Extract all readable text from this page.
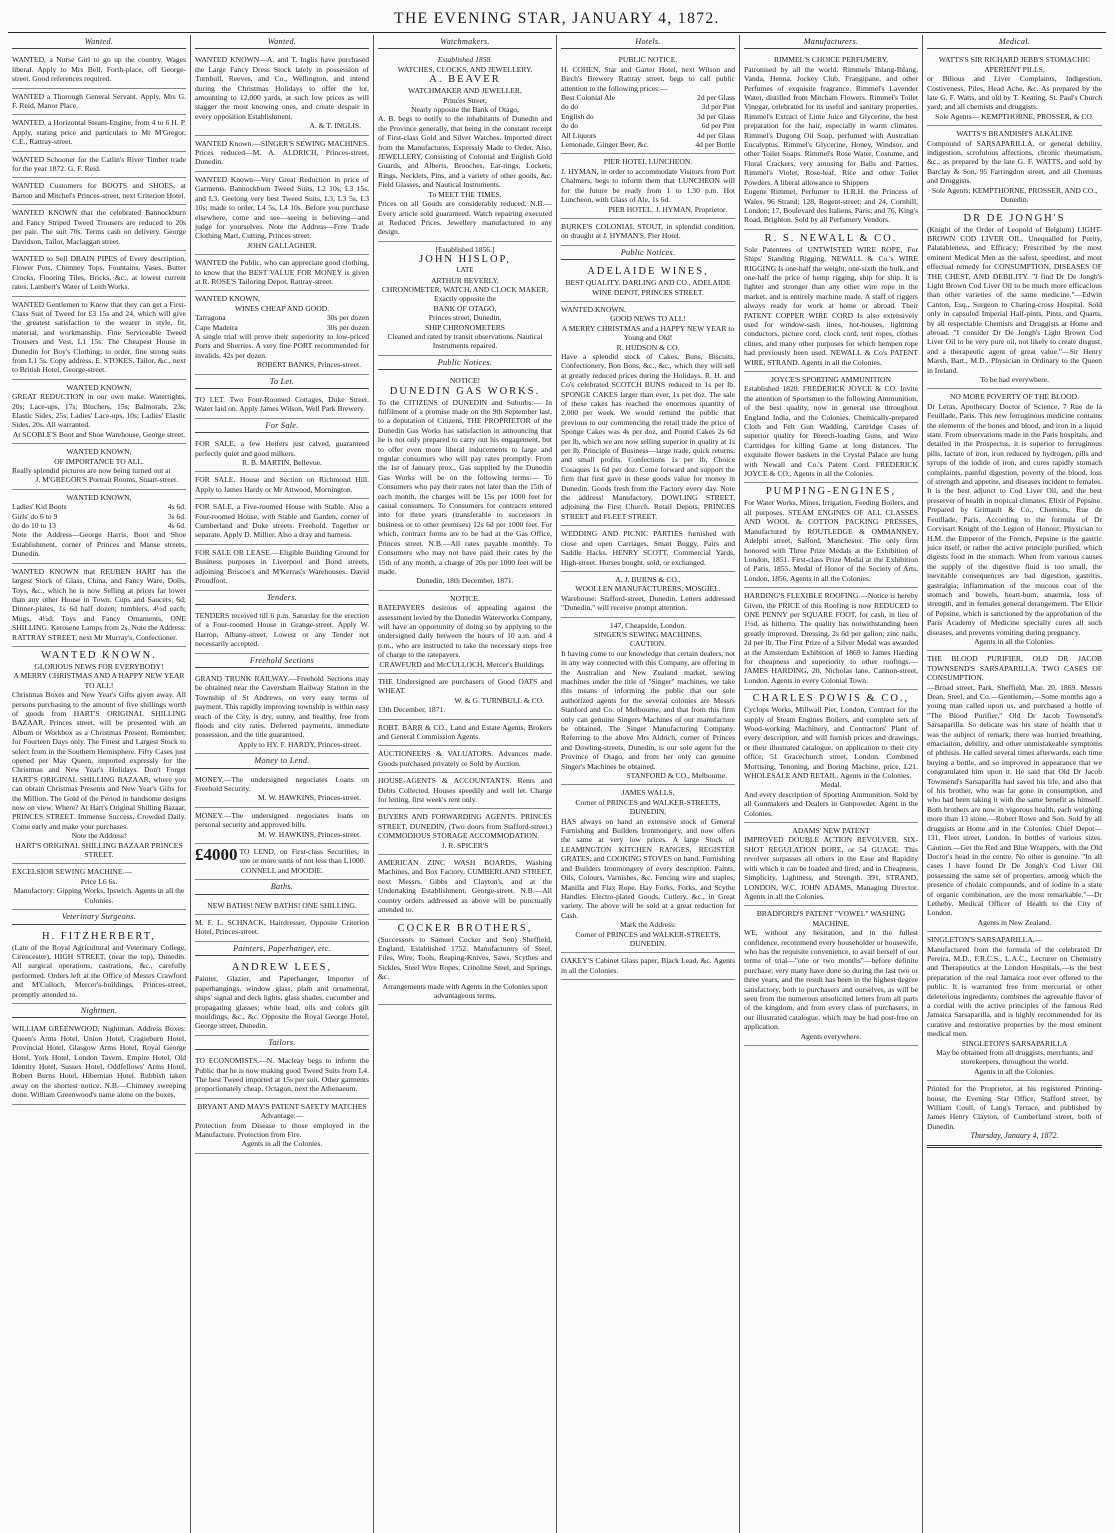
THE EVENING STAR, JANUARY 4, 1872.
Wanted.

WANTED, a Nurse Girl to go up the country. Wages liberal. Apply to Mrs Bell, Forth-place, off George-street. Good references required.

WANTED a Thorough General Servant. Apply, Mrs G. F. Reid, Manor Place.

WANTED, a Horizontal Steam-Engine, from 4 to 6 H. P. Apply, stating price and particulars to Mr M'Gregor, C.E., Rattray-street.

WANTED Schooner for the Catlin's River Timber trade for the year 1872. G. F. Reid.

WANTED Customers for BOOTS and SHOES, at Barton and Mitchel's Princes-street, next Criterion Hotel.

WANTED KNOWN that the celebrated Bannockburn and Fancy Striped Tweed Trousers are reduced to 20s per pair. The suit 70s. Terms cash on delivery. George Davidson, Tailor, Maclaggan street.

WANTED to Sell DRAIN PIPES of Every description, Flower Pots, Chimney Tops, Fountains, Vases, Butter Crocks, Flooring Tiles, Bricks, &c., at lowest current rates. Lambert's Water of Leith Works.

WANTED Gentlemen to Know that they can get a First-Class Suit of Tweed for £3 15s and 24, which will give the greatest satisfaction to the wearer in style, fit, material, and workmanship. Fine Serviceable Tweed Trousers and Vest, L1 15s. The Cheapest House in Dunedin for Boy's Clothing; to order, fine strong suits from L1 5s. Copy address, E. STOKES, Tailor, &c., next to British Hotel, George-street.

WANTED KNOWN,

GREAT REDUCTION in our own make. Watertights, 20s; Lace-ups, 17s; Bluchers, 15s; Balmorals, 23s; Elastic Sides, 25s; Ladies' Lace-ups, 10s; Ladies' Elastic Sides, 20s. All warranted.

At SCOBLE'S Boot and Shoe Warehouse, George street.

WANTED KNOWN,

OF IMPORTANCE TO ALL.

Really splendid pictures are now being turned out at

J. M'GREGOR'S Portrait Rooms, Stuart-street.

WANTED KNOWN,

Ladies' Kid Boots	4s 6d.
Girls' do 6 to 9	3s 6d.
do do 10 to 13	4s 6d.

Note the Address—George Harris, Boot and Shoe Establishment, corner of Princes and Manse streets, Dunedin.

WANTED KNOWN that REUBEN HART has the largest Stock of Glass, China, and Fancy Ware, Dolls, Toys, &c., which he is now Selling at prices far lower than any other House in Town. Cups and Saucers, 6d; Dinner-plates, 1s 6d half dozen; tumblers, 4½d each; Mugs, 4½d; Toys and Fancy Ornaments, ONE SHILLING. Kerosene Lamps from 2s. Note the Address: RATTRAY STREET, next Mr Murray's, Confectioner.

WANTED KNOWN.

GLORIOUS NEWS FOR EVERYBODY!

A MERRY CHRISTMAS AND A HAPPY NEW YEAR TO ALL!

Christmas Boxes and New Year's Gifts given away. All persons purchasing to the amount of five shillings worth of goods from HART'S ORIGINAL SHILLING BAZAAR, Princes street, will be presented with an Album or Workbox as a Christmas Present. Remember, for Fourteen Days only. The Finest and Largest Stock to select from in the Southern Hemisphere. Fifty Cases just opened per May Queen, imported expressly for the Christmas and New Year's Holidays. Don't Forget HART'S ORIGINAL SHILLING BAZAAR, where you can obtain Christmas Presents and New Year's Gifts for the Million. The Gold of the Period in handsome designs now on view. Where? At Hart's Original Shilling Bazaar, PRINCES STREET. Immense Success, Crowded Daily. Come early and make your purchases.

Note the Address!

HART'S ORIGINAL SHILLING BAZAAR PRINCES STREET.

EXCELSIOR SEWING MACHINE.—

Price L6 6s.

Manufactory: Gipping Works, Ipswich. Agents in all the Colonies.

Veterinary Surgeons.

H. FITZHERBERT,

(Late of the Royal Agricultural and Veterinary College, Cirencester), HIGH STREET, (near the top), Dunedin. All surgical operations, castrations, &c., carefully performed. Orders left at the Office of Messrs Crawford and M'Culloch, Mercer's-buildings, Princes-street, promptly attended to.

Nightmen.

WILLIAM GREENWOOD, Nightman. Address Boxes: Queen's Arms Hotel, Union Hotel, Cragieburn Hotel, Provincial Hotel, Glasgow Arms Hotel, Royal George Hotel, York Hotel, London Tavern, Empire Hotel, Old Identity Hotel, Sussex Hotel, Oddfellows' Arms Hotel, Robert Burns Hotel, Hibernian Hotel. Rubbish taken away on the shortest notice. N.B.—Chimney sweeping done. William Greenwood's name alone on the boxes.

Wanted.

WANTED KNOWN—A. and T. Inglis have purchased the Large Fancy Dress Stock lately in possession of Turnbull, Reeves, and Co., Wellington, and intend during the Christmas Holidays to offer the lot, amounting to 12,000 yards, at such low prices as will stagger the most knowing ones, and create despair in every opposition Establishment.

A. & T. INGLIS.

WANTED Known.—SINGER'S SEWING MACHINES. Prices reduced—M. A. ALDRICH, Princes-street, Dunedin.

WANTED Known—Very Great Reduction in price of Garments. Bannockburn Tweed Suits, L2 10s, L3 15s, and L3. Geelong very best Tweed Suits, L3, L3 5s, L3 10s; made to order, L4 5s, L4 10s. Before you purchase elsewhere, come and see—seeing is believing—and judge for yourselves. Note the Address—Free Trade Clothing Mart, Cutting, Princes street.

JOHN GALLAGHER.

WANTED the Public, who can appreciate good clothing, to know that the BEST VALUE FOR MONEY is given at R. ROSE'S Tailoring Depot, Rattray-street.

WANTED KNOWN,

WINES CHEAP AND GOOD.

Tarragona	30s per dozen
Cape Madeira	30s per dozen

A single trial will prove their superiority to low-priced Ports and Sherries. A very fine PORT recommended for invalids, 42s per dozen.

ROBERT BANKS, Princes-street.

To Let.

TO LET. Two Four-Roomed Cottages, Duke Street. Water laid on. Apply James Wilson, Well Park Brewery.

For Sale.

FOR SALE, a few Heifers just calved, guaranteed perfectly quiet and good milkers.

R. B. MARTIN, Bellevue.

FOR SALE, House and Section on Richmond Hill. Apply to James Hardy or Mr Attwood, Mornington.

FOR SALE, a Five-roomed House with Stable. Also a Four-roomed House, with Stable and Garden, corner of Cumberland and Duke streets. Freehold. Together or separate. Apply D. Millier. Also a dray and harness.

FOR SALE OR LEASE.—Eligible Building Ground for Business purposes in Liverpool and Bond streets, adjoining Briscoe's and M'Kerras's Warehouses. David Proudfoot.

Tenders.

TENDERS received till 6 p.m. Saturday for the erection of a Four-roomed House in Grange-street. Apply W. Harrop, Albany-street. Lowest or any Tender not necessarily accepted.

Freehold Sections

GRAND TRUNK RAILWAY.—Freehold Sections may be obtained near the Caversham Railway Station in the Township of St Andrews, on very easy terms of payment. This rapidly improving township is within easy reach of the City, is dry, sunny, and healthy, free from floods and city rates. Deferred payments, immediate possession, and the title guaranteed.

Apply to HY. F. HARDY, Princes-street.

Money to Lend.

MONEY.—The undersigned negociates Loans on Freehold Security.

M. W. HAWKINS, Princes-street.

MONEY.—The undersigned negociates loans on personal security and approved bills.

M. W. HAWKINS, Princes-street.

£4000 TO LEND, on First-class Securities, in one or more sums of not less than L1000.

CONNELL and MOODIE.

Baths.

NEW BATHS! NEW BATHS! ONE SHILLING.

M. F. L. SCHNACK, Hairdresser, Opposite Criterion Hotel, Princes-street.

Painters, Paperhanger, etc.

ANDREW LEES,

Painter, Glazier, and Paperhanger, Importer of paperhangings, window glass, plain and ornamental, ships' signal and deck lights, glass shades, cucumber and propagating glasses; white lead, oils and colors gilt mouldings, &c., &c. Opposite the Royal George Hotel, George street, Dunedin.

Tailors.

TO ECONOMISTS.—N. Macleay begs to inform the Public that he is now making good Tweed Suits from L4. The best Tweed imported at 15s per suit. Other garments proportionately cheap. Octagon, next the Athenaeum.

BRYANT AND MAY'S PATENT SAFETY MATCHES

Advantage:—

Protection from Disease to those employed in the Manufacture. Protection from Fire.

Agents in all the Colonies.

Watchmakers.

Established 1858.

WATCHES, CLOCKS, AND JEWELLERY.

A. BEAVER

WATCHMAKER AND JEWELLER,

Princes Street,

Nearly opposite the Bank of Otago,

A. B. begs to notify to the inhabitants of Dunedin and the Province generally, that being in the constant receipt of First-class Gold and Silver Watches, Imported direct from the Manufactures, Expressly Made to Order. Also, JEWELLERY, Consisting of Colonial and English Gold Guards, and Alberts, Brooches, Ear-rings, Lockets, Rings, Necklets, Pins, and a variety of other goods, &c. Field Glasses, and Nautical Instruments.

To MEET THE TIMES,

Prices on all Goods are considerably reduced. N.B.—Every article sold guaranteed. Watch repairing executed at Reduced Prices. Jewellery manufactured to any design.

[Established 1856.]

JOHN HISLOP,

LATE

ARTHUR BEVERLY,

CHRONOMETER, WATCH, AND CLOCK MAKER,

Exactly opposite the

BANK OF OTAGO,

Princes street, Dunedin,

SHIP CHRONOMETERS

Cleaned and rated by transit observations. Nautical Instruments repaired.

Public Notices.

NOTICE!

DUNEDIN GAS WORKS.

To the CITIZENS of DUNEDIN and Suburbs:— In fulfilment of a promise made on the 9th September last, to a deputation of Citizens, THE PROPRIETOR of the Dunedin Gas Works has satisfaction in announcing that he is not only prepared to carry out his engagement, but to offer even more liberal inducements to large and regular consumers who will pay rates promptly. From the 1st of January prox., Gas supplied by the Dunedin Gas Works will be on the following terms:— To Consumers who pay their rates not later than the 15th of each month, the charges will be 15s per 1000 feet for casual consumers. To Consumers for contracts entered into for three years (transferable to successors in business or to other premises) 12s 6d per 1000 feet. For which, contract forms are to be had at the Gas Office, Princes street. N.B.—All rates payable monthly. To Consumers who may not have paid their rates by the 15th of any month, a charge of 20s per 1000 feet will be made.

Dunedin, 18th December, 1871.

NOTICE.

RATEPAYERS desirous of appealing against the assessment levied by the Dunedin Waterworks Company, will have an opportunity of doing so by applying to the undersigned daily between the hours of 10 a.m. and 4 p.m., who are instructed to take the necessary steps free of charge to the ratepayers.

CRAWFURD and McCULLOCH, Mercer's Buildings

THE Undersigned are purchasers of Good OATS and WHEAT.

W. & G. TURNBULL & CO.

13th December, 1871.

ROBT. BARR & CO., Land and Estate Agents, Brokers and General Commission Agents.

AUCTIONEERS & VALUATORS. Advances made. Goods purchased privately or Sold by Auction.

HOUSE-AGENTS & ACCOUNTANTS. Rents and Debts Collected. Houses speedily and well let. Charge for letting, first week's rent only.

BUYERS AND FORWARDING AGENTS. PRINCES STREET, DUNEDIN, (Two doors from Stafford-street.) COMMODIOUS STORAGE ACCOMMODATION.

J. R. SPICER'S

AMERICAN ZINC WASH BOARDS, Washing Machines, and Box Factory, CUMBERLAND STREET, next Messrs. Gibbs and Clayton's, and at the Undertaking Establishment, George-street. N.B.—All country orders addressed as above will be punctually attended to.

COCKER BROTHERS,

(Successors to Samuel Cocker and Son) Sheffield, England, Established 1752. Manufacturers of Steel, Files, Wire, Tools, Reaping-Knives, Saws, Scythes and Sickles, Steel Wire Ropes, Crinoline Steel, and Springs, &c.

Arrangements made with Agents in the Colonies upon advantageous terms.

Hotels.

PUBLIC NOTICE.

H. COHEN, Star and Garter Hotel, next Wilson and Birch's Brewery Rattray street, begs to call public attention to the following prices:—

Best Colonial Ale	2d per Glass
do do	3d per Pint
English do	3d per Glass
do do	6d per Pint
All Liquors	4d per Glass
Lemonade, Ginger Beer, &c.	4d per Bottle

PIER HOTEL LUNCHEON.

J. HYMAN, in order to accommodate Visitors from Port Chalmers, begs to inform them that LUNCHEON will for the future be ready from 1 to 1.30 p.m. Hot Luncheon, with Glass of Ale, 1s 6d.

PIER HOTEL. J. HYMAN, Proprietor.

BURKE'S COLONIAL STOUT, in splendid condition, on draught at J. HYMAN'S, Pier Hotel.

Public Notices.

ADELAIDE WINES,

BEST QUALITY. DARLING AND CO., ADELAIDE WINE DEPOT, PRINCES STREET.

WANTED KNOWN.

GOOD NEWS TO ALL!

A MERRY CHRISTMAS and a HAPPY NEW YEAR to Young and Old!

R. HUDSON & CO.

Have a splendid stock of Cakes, Buns, Biscuits, Confectionery, Bon Bons, &c., &c., which they will sell at greatly reduced prices during the Holidays. R. H. and Co's celebrated SCOTCH BUNS reduced to 1s per lb. SPONGE CAKES larger than ever, 1s per doz. The sale of these cakes has reached the enormous quantity of 2,000 per week. We would remind the public that previous to our commencing the retail trade the price of Sponge Cakes was 4s per doz, and Pound Cakes 2s 6d per lb, which we are now selling superior in quality at 1s per lb. Principle of Business—large trade, quick returns, and small profits. Confections 1s per lb, Choice Cosaques 1s 6d per doz. Come forward and support the firm that first gave in these goods value for money in Dunedin. Goods fresh from the Factory every day. Note the address! Manufactory, DOWLING STREET, adjoining the First Church. Retail Depots, PRINCES STREET and FLEET STREET.

WEDDING AND PICNIC PARTIES furnished with close and open Carriages, Smart Buggy, Pairs and Saddle Hacks. HENRY SCOTT, Commercial Yards, High-street. Horses bought, sold, or exchanged.

A. J. BURNS & CO.,

WOOLLEN MANUFACTURERS, MOSGIEL.

Warehouse: Stafford-street, Dunedin. Letters addressed "Dunedin," will receive prompt attention.

147, Cheapside, London.

SINGER'S SEWING MACHINES.

CAUTION.

It having come to our knowledge that certain dealers, not in any way connected with this Company, are offering in the Australian and New Zealand market, sewing machines under the title of "Singer" machines, we take this means of informing the public that our sole authorized agents for the several colonies are Messrs Stanford and Co. of Melbourne, and that from this firm only can genuine Singers Machines of our manufacture be obtained. The Singer Manufacturing Company. Referring to the above Mrs Aldrich, corner of Princes and Dowling-streets, Dunedin, is our sole agent for the Province of Otago, and from her only can genuine Singer's Machines be obtained.

STANFORD & CO., Melbourne.

JAMES WALLS,

Corner of PRINCES and WALKER-STREETS, DUNEDIN,

HAS always on hand an extensive stock of General Furnishing and Builders Ironmongery, and now offers the same at very low prices. A large Stock of LEAMINGTON KITCHEN RANGES, REGISTER GRATES, and COOKING STOVES on hand. Furnishing and Builders Ironmongery of every description. Paints, Oils, Colours, Varnishes, &c. Fencing wire and staples, Manilla and Flax Rope. Hay Forks, Forks, and Scythe Handles. Electro-plated Goods, Cutlery, &c., in Great variety. The above will be sold at a great reduction for Cash.

Mark the Address:

Corner of PRINCES and WALKER-STREETS, DUNEDIN.

OAKEY'S Cabinet Glass paper, Black Lead, &c. Agents in all the Colonies.

Manufacturers.

RIMMEL'S CHOICE PERFUMERY,

Patronised by all the world. Rimmels Ihlang-Ihlang, Vanda, Henna, Jockey Club, Frangipane, and other Perfumes of exquisite fragrance. Rimmel's Lavender Water, distilled from Mitcham Flowers. Rimmel's Toilet Vinegar, celebrated for its useful and sanitary properties. Rimmel's Extract of Lime Juice and Glycerine, the best preparation for the hair, especially in warm climates. Rimmel's Dugong Oil Soap, perfumed with Australian Eucalyptus. Rimmel's Glycerine, Honey, Windsor, and other Toilet Soaps. Rimmel's Rose Water, Costume, and Floral Crackers, very amusing for Balls and Parties. Rimmel's Violet, Rose-leaf, Rice and other Toilet Powders. A liberal allowance to Shippers

Eugene Rimmel, Perfumer to H.R.H. the Princess of Wales, 96 Strand; 128, Regent-street; and 24, Cornhill, London; 17, Boulevard des Italiens, Paris; and 76, King's Road, Brighton. Sold by all Perfumery Vendors.

R. S. NEWALL & CO.

Sole Patentees of UNTWISTED WIRE ROPE, For Ships' Standing Rigging, NEWALL & Co.'s WIRE RIGGING Is one-half the weight, one-sixth the bulk, and one-half the price of hemp rigging, ship for ship. It is lighter and stronger than any other wire rope in the market, and is entirely machine made. A staff of riggers always ready for work at home or abroad. Their PATENT COPPER WIRE CORD Is also extensively used for window-sash lines, hot-houses, lightning conductors, picture cord, clock cord, tent ropes, clothes clines, and many other purposes for which hempen rope had previously been used. NEWALL & Co's PATENT WIRE, STRAND. Agents in all the Colonies.

JOYCE'S SPORTING AMMUNITION

Established 1820. FREDERICK JOYCE & CO. Invite the attention of Sportsmen to the following Ammunition, of the best quality, now in general use throughout England India, and the Colonies. Chemically-prepared Cloth and Felt Gun Wadding, Cartridge Cases of superior quality for Breech-loading Guns, and Wire Cartridges for killing Game at long distances. The exquisite flower baskets in the Crystal Palace are hung with Newall and Co.'s Patent Cord. FREDERICK JOYCE & CO., Agents in all the Colonies.

PUMPING-ENGINES,

For Water Works, Mines, Irrigation, Feeding Boilers, and all purposes. STEAM ENGINES OF ALL CLASSES AND WOOL & COTTON PACKING PRESSES, Manufactured by ROUTLEDGE & OMMANNEY, Adelphi street, Salford, Manchester. The only firm honored with Three Prize Medals at the Exhibition of London, 1851. First-class Prize Medal at the Exhibition of Paris, 1855. Medal of Honor of the Society of Arts, London, 1856. Agents in all the Colonies.

HARDING'S FLEXIBLE ROOFING.—Notice is hereby Given, the PRICE of this Roofing is now REDUCED to ONE PENNY per SQUARE FOOT, for cash, in lieu of 1½d, as hitherto. The quality has notwithstanding been greatly improved. Dressing, 2s 6d per gallon; zinc nails, 2d per lb. The First Prize of a Silver Medal was awarded at the Amsterdam Exhibition of 1869 to James Harding for cheapness and superiority to other roofings.—JAMES HARDING, 20, Nicholas lane, Cannon-street, London. Agents in every Colonial Town.

CHARLES POWIS & CO.,

Cyclops Works, Millwall Pier, London, Contract for the supply of Steam Engines Boilers, and complete sets of Wood-working Machinery, and Contractors' Plant of every description, and will furnish prices and drawings, or their illustrated catalogue, on application to their city office, 51 Gracechurch street, London. Combined Mortising, Tenoning, and Boring Machine, price, L21. WHOLESALE AND RETAIL. Agents in the Colonies.

Medal.

And every description of Sporting Ammunition. Sold by all Gunmakers and Dealers in Gunpowder. Agent in the Colonies.

ADAMS' NEW PATENT

IMPROVED DOUBLE ACTION REVOLVER. SIX-SHOT REGULATION BORE, or 54 GUAGE. This revolver surpasses all others in the Ease and Rapidity with which it can be loaded and fired, and in Cheapness, Simplicity, Lightness, and Strength. 391, STRAND, LONDON, W.C. JOHN ADAMS, Managing Director. Agents in all the Colonies.

BRADFORD'S PATENT "VOWEL" WASHING MACHINE.

WE, without any hesitation, and in the fullest confidence, recommend every householder or housewife, who has the requisite convenience, to avail herself of our terms of trial—"one or two months"—before definite purchase; very many have done so during the last two or three years, and the result has been in the highest degree satisfactory, both to purchasers and ourselves, as will be seen from the numerous unsolicited letters from all parts of the kingdom, and from every class of purchasers, in our illustrated catalogue, which may be had post-free on application.

Agents everywhere.

Medical.

WATTS'S SIR RICHARD JEBB'S STOMACHIC

APERIENT PILLS,

or Bilious and Liver Complaints, Indigestion, Costiveness, Piles, Head Ache, &c. As prepared by the late G. F. Watts, and old by T. Keating, St. Paul's Church yard; and all chemists and druggists.

Sole Agents— KEMPTHORNE, PROSSER, & CO.

WATTS'S BRANDISH'S ALKALINE

Compound of SARSAPARILLA, or general debility, indigestion, scrofulous affections, chronic rheumatism, &c., as prepared by the late G. F. WATTS, and sold by Barclay & Son, 95 Farringdon street, and all Chemists and Druggists.

Sole Agents: KEMPTHORNE, PROSSER, AND CO., Dunedin.

DR DE JONGH'S

(Knight of the Order of Leopold of Belgium) LIGHT-BROWN COD LIVER OIL, Unequalled for Purity, Palatableness, and Efficacy; Prescribed by the most eminent Medical Men as the safest, speediest, and most effectual remedy for CONSUMPTION, DISEASES OF THE CHEST, AND DEBILITY. "I find Dr De Jongh's Light Brown Cod Liver Oil to be much more efficacious than other varieties of the same medicine."—Edwin Canton, Esq., Surgeon to Charing-cross Hospital. Sold only in capsuled Imperial Half-pints, Pints, and Quarts, by all respectable Chemists and Druggists at Home and abroad. "I consider Dr De Jongh's Light Brown Cod Liver Oil to be very pure oil, not likely to create disgust, and a therapeutic agent of great value."—Sir Henry Marsh, Bart., M.D., Physician in Ordinary to the Queen in Ireland.

To be had everywhere.

NO MORE POVERTY OF THE BLOOD.

Dr Leras, Apothecary Doctor of Science, 7 Rue de la Feuillade, Paris. This new ferruginous medicine contains the elements of the bones and blood, and iron in a liquid state. From observations made in the Paris hospitals, and detailed in the Prospectus, it is superior to ferruginous pills, lactate of iron, iron reduced by hydrogen, pills and syrups of the iodide of iron, and cures rapidly stomach complaints, painful digestion, poverty of the blood, loss of strength and appetite, and diseases incident to females. It is the best adjunct to Cod Liver Oil, and the best preserver of health in tropical climates. Elixir of Pepsine. Prepared by Grimault & Co., Chemists, Rue de Feuillade, Paris. According to the formula of Dr Corvisart Knight of the Legion of Honour, Physician to H.M. the Emperor of the French, Pepsine is the gastric juice itself, or rather the active principle purified, which digests food in the stomach. When from various causes the supply of the digestive fluid is too small, the inevitable consequences are bad digestion, gastritis, gastralgia; inflammation of the mucous coat of the stomach and bowels, heart-burn, anaemia, loss of strength, and in females general derangement. The Elixir of Pepsine, which is sanctioned by the approbation of the Paris Academy of Medicine specially cures all such diseases, and prevents vomiting during pregnancy.

Agents in all the Colonies.

THE BLOOD PURIFIER, OLD DR JACOB TOWNSEND'S SARSAPARILLA. TWO CASES OF CONSUMPTION.

—Broad street, Park, Sheffield, Mar. 20, 1869. Messrs Dean, Steel, and Co.—Gentlemen,—Some months ago a young man called upon us, and purchased a bottle of "The Blood Purifier," Old Dr Jacob Townsend's Sarsaparilla. So delicate was his state of health that it was the subject of remark; there was hurried breathing, emaciation, debility, and other unmistakeable symptoms of phthisis. He called several times afterwards, each time buying a bottle, and so improved in appearance that we congratulated him upon it. He said that Old Dr Jacob Townsend's Sarsaparilla had saved his life, and also that of his brother, who was far gone in consumption, and who had been taking it with the same benefit as himself. Both brothers are now in vigorous health, each weighing more than 13 stone.—Robert Rowe and Son. Sold by all druggists at Home and in the Colonies. Chief Depot—131, Fleet street, London. In bottles of various sizes. Caution.—Get the Red and Blue Wrappers, with the Old Doctor's head in the centre. No other is genuine. "In all cases I have found Dr De Jongh's Cod Liver Oil possessing the same set of properties, among which the presence of cholaic compounds, and of iodine in a state of organic combination, are the most remarkable."—Dr Letheby, Medical Officer of Health to the City of London.

Agents in New Zealand.

SINGLETON'S SARSAPARILLA,—

Manufactured from the formula of the celebrated Dr Pereira, M.D., F.R.C.S., L.A.C., Lecturer on Chemistry and Therapeutics at the London Hospitals,—is the best preparation of the real Jamaica root ever offered to the public. It is warranted free from mercurial or other deleterious ingredients, combines the agreeable flavor of a cordial with the active principles of the famous Red Jamaica Sarsaparilla, and is highly recommended for its curative and restorative properties by the most eminent medical men.

SINGLETON'S SARSAPARILLA

May be obtained from all druggists, merchants, and storekeepers, throughout the world.

Agents in all the Colonies.

Printed for the Proprietor, at his registered Printing-house, the Evening Star Office, Stafford street, by William Coull, of Lang's Terrace, and published by James Henry Clayton, of Cumberland street, both of Dunedin.

Thursday, January 4, 1872.
